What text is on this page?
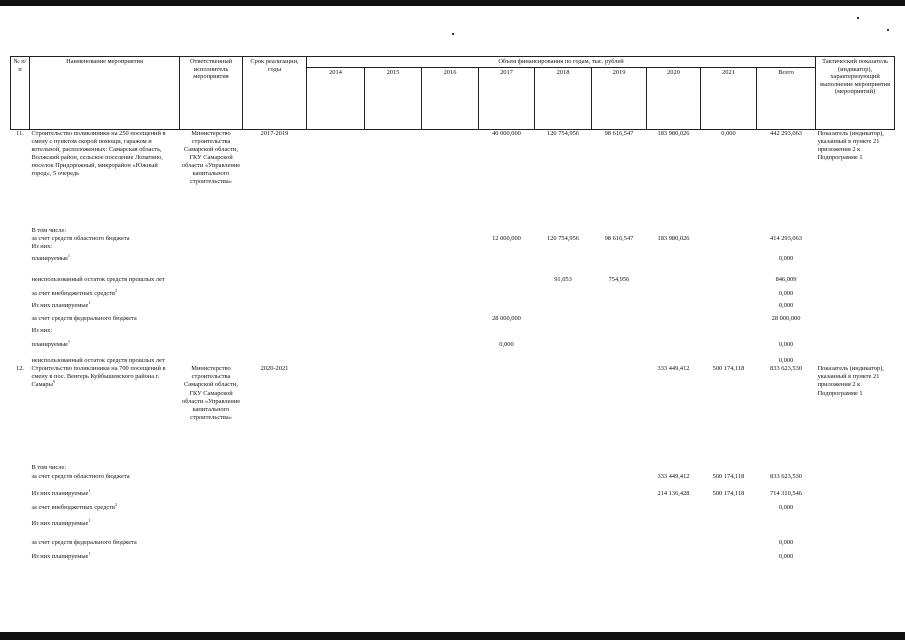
№ п/п	Наименование мероприятия	Ответственный исполнитель мероприятия	Срок реализации, годы	Объем финансирования по годам, тыс. рублей									Тактический показатель (индикатор), характеризующий выполнение мероприятия (мероприятий)
				2014	2015	2016	2017	2018	2019	2020	2021	Всего	
11.	Строительство поликлиники на 250 посещений в смену с пунктом скорой помощи, гаражом и котельной, расположенных: Самарская область, Волжский район, сельское поселение Лопатино, поселок Придорожный, микрорайон «Южный город», 5 очередь	Министерство строительства Самарской области, ГКУ Самарской области «Управление капитального строительства»	2017-2019				40 000,000	120 754,956	98 616,547	183 980,026	0,000	442 293,063	Показатель (индикатор), указанный в пункте 21 приложения 2 к Подпрограмме 1
	В том числе:												
	за счет средств областного бюджета						12 000,000	120 754,956	98 616,547	183 980,026		414 293,063	
	Из них:												
	планируемые$^1$											0,000	
	неиспользованный остаток средств прошлых лет							91,053	754,956			846,009	
	за счет внебюджетных средств$^2$											0,000	
	Из них планируемые$^1$											0,000	
	за счет средств федерального бюджета						28 000,000					28 000,000	
	Из них:												
	планируемые$^1$						0,000					0,000	
	неиспользованный остаток средств прошлых лет											0,000	
12.	Строительство поликлиники на 700 посещений в смену в пос. Венгерь Куйбышевского района г. Самары$^9$	Министерство строительства Самарской области, ГКУ Самарской области «Управление капитального строительства»	2020-2021							333 449,412	500 174,118	833 623,530	Показатель (индикатор), указанный в пункте 21 приложения 2 к Подпрограмме 1
	В том числе:												
	за счет средств областного бюджета									333 449,412	500 174,118	833 623,530	
	Из них планируемые$^1$									214 136,428	500 174,118	714 310,546	
	за счет внебюджетных средств$^2$											0,000	
	Из них планируемые$^1$										
	за счет средств федерального бюджета											0,000	
	Из них планируемые$^1$											0,000	
